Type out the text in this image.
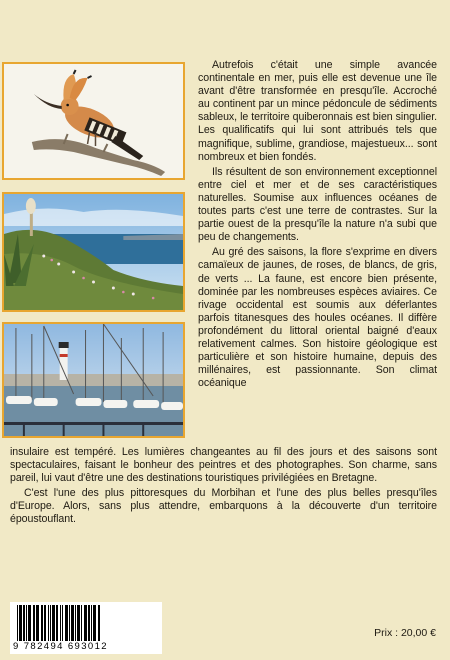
Autrefois c'était une simple avancée continentale en mer, puis elle est devenue une île avant d'être transformée en presqu'île. Accroché au continent par un mince pédoncule de sédiments sableux, le territoire quiberonnais est bien singulier. Les qualificatifs qui lui sont attribués tels que magnifique, sublime, grandiose, majestueux... sont nombreux et bien fondés.

Ils résultent de son environnement exceptionnel entre ciel et mer et de ses caractéristiques naturelles. Soumise aux influences océanes de toutes parts c'est une terre de contrastes. Sur la partie ouest de la presqu'île la nature n'a subi que peu de changements.

Au gré des saisons, la flore s'exprime en divers camaïeux de jaunes, de roses, de blancs, de gris, de verts ... La faune, est encore bien présente, dominée par les nombreuses espèces aviaires. Ce rivage occidental est soumis aux déferlantes parfois titanesques des houles océanes. Il diffère profondément du littoral oriental baigné d'eaux relativement calmes. Son histoire géologique est particulière et son histoire humaine, depuis des millénaires, est passionnante. Son climat océanique

insulaire est tempéré. Les lumières changeantes au fil des jours et des saisons sont spectaculaires, faisant le bonheur des peintres et des photographes. Son charme, sans pareil, lui vaut d'être une des destinations touristiques privilégiées en Bretagne.

C'est l'une des plus pittoresques du Morbihan et l'une des plus belles presqu'îles d'Europe. Alors, sans plus attendre, embarquons à la découverte d'un territoire époustouflant.

9 782494 693012
Prix : 20,00 €
